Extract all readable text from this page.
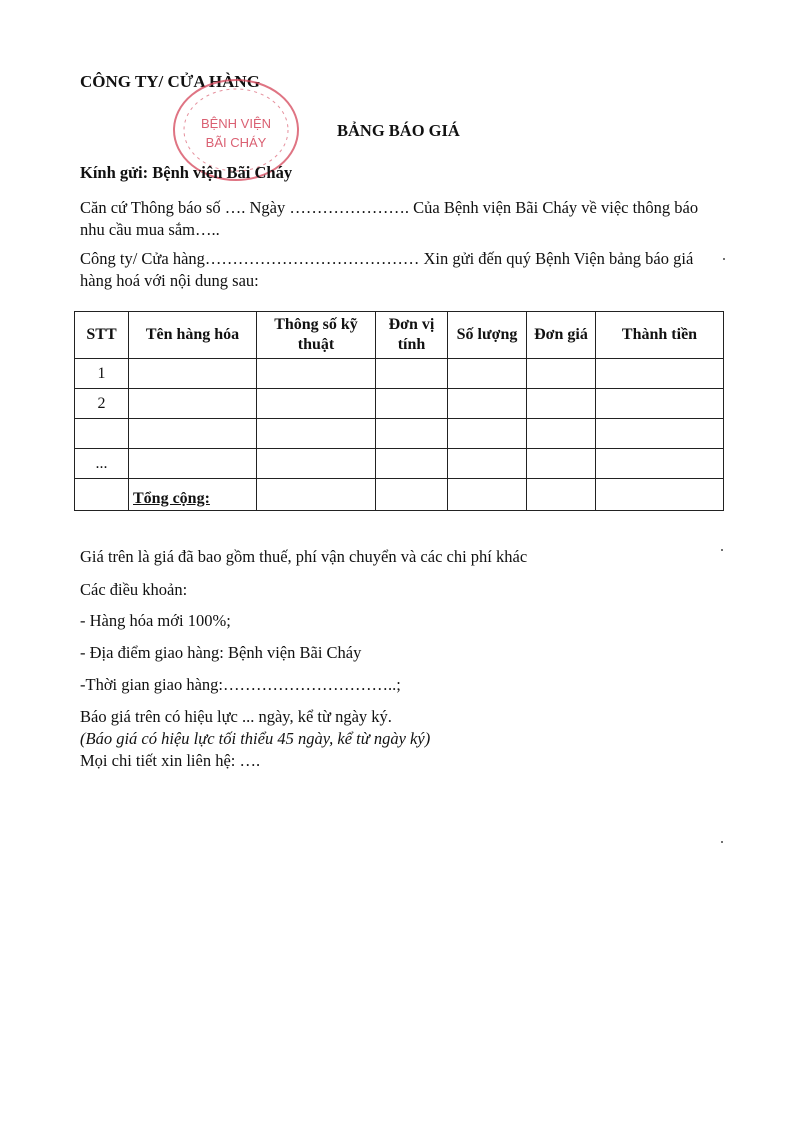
CÔNG TY/ CỬA HÀNG
BỆNH VIỆN
BÃI CHÁY
BẢNG BÁO GIÁ
Kính gửi: Bệnh viện Bãi Cháy
Căn cứ Thông báo số …. Ngày …………………. Của Bệnh viện Bãi Cháy về việc thông báo nhu cầu mua sắm…..
Công ty/ Cửa hàng………………………………… Xin gửi đến quý Bệnh Viện bảng báo giá hàng hoá với nội dung sau:
STT	Tên hàng hóa	Thông số kỹ thuật	Đơn vị tính	Số lượng	Đơn giá	Thành tiền
1						
2						

...						
	Tổng cộng:					
Giá trên là giá đã bao gồm thuế, phí vận chuyển và các chi phí khác
Các điều khoản:
- Hàng hóa mới 100%;
- Địa điểm giao hàng: Bệnh viện Bãi Cháy
-Thời gian giao hàng:…………………………..;
Báo giá trên có hiệu lực ... ngày, kể từ ngày ký.
(Báo giá có hiệu lực tối thiểu 45 ngày, kể từ ngày ký)
Mọi chi tiết xin liên hệ: ….
